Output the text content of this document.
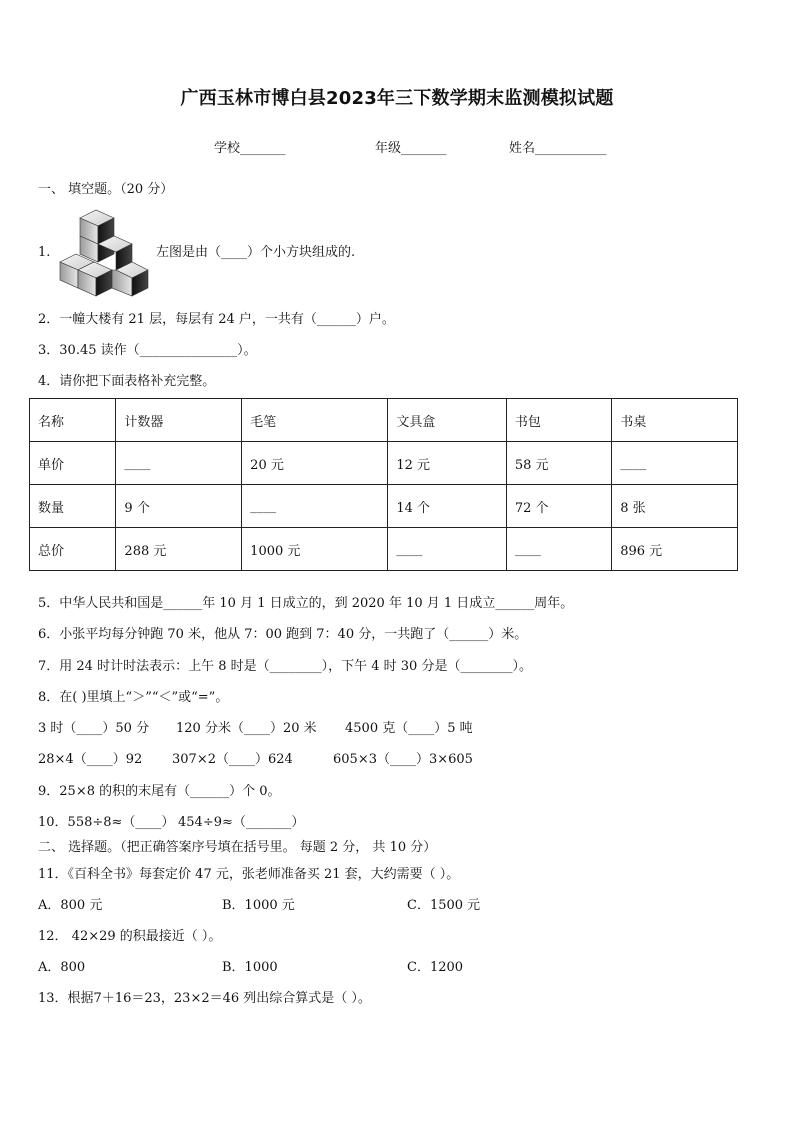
广西玉林市博白县2023年三下数学期末监测模拟试题
学校_______	年级_______	姓名___________
一、 填空题。（20 分）
1.	左图是由（____）个小方块组成的.
2．一幢大楼有 21 层，每层有 24 户，一共有（______）户。
3．30.45 读作（_______________）。
4．请你把下面表格补充完整。
名称	计数器	毛笔	文具盒	书包	书桌
单价	____	20 元	12 元	58 元	____
数量	9 个	____	14 个	72 个	8 张
总价	288 元	1000 元	____	____	896 元
5．中华人民共和国是______年 10 月 1 日成立的，到 2020 年 10 月 1 日成立______周年。
6．小张平均每分钟跑 70 米，他从 7：00 跑到 7：40 分，一共跑了（______）米。
7．用 24 时计时法表示：上午 8 时是（________），下午 4 时 30 分是（________）。
8．在( )里填上“＞”“＜”或“=”。
3 时（____）50 分 120 分米（____）20 米 4500 克（____）5 吨
28×4（____）92 307×2（____）624	605×3（____）3×605
9．25×8 的积的末尾有（______）个 0。
10．558÷8≈（____） 454÷9≈（_______）
二、 选择题。（把正确答案序号填在括号里。 每题 2 分， 共 10 分）
11．《百科全书》每套定价 47 元，张老师准备买 21 套，大约需要（ ）。
A．800 元	B．1000 元	C．1500 元
12． 42×29 的积最接近（ ）。
A．800	B．1000	C．1200
13．根据7＋16＝23，23×2＝46 列出综合算式是（ ）。
